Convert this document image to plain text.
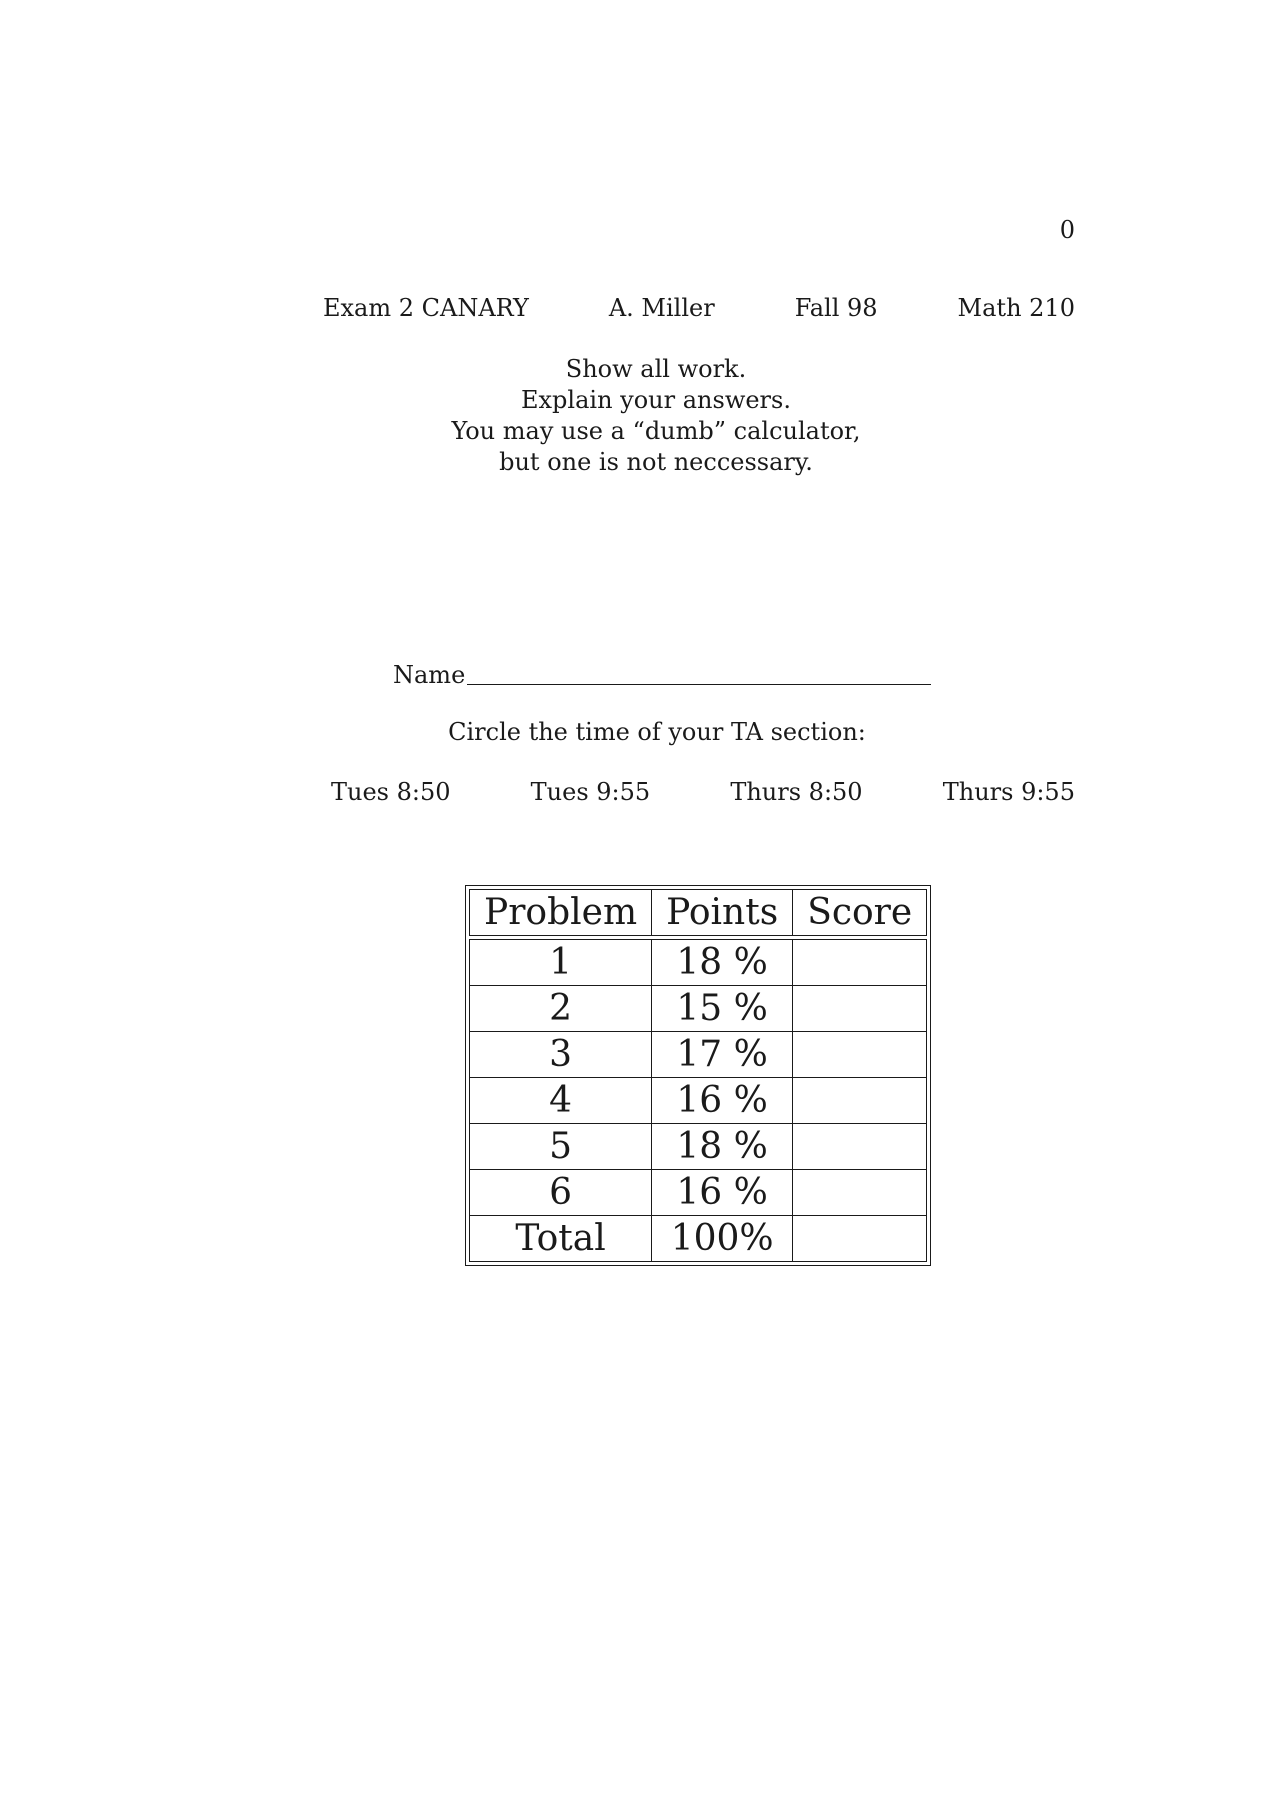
0
Exam 2 CANARY	A. Miller	Fall 98	Math 210
Show all work.
Explain your answers.
You may use a “dumb” calculator,
but one is not neccessary.
Name
Circle the time of your TA section:
Tues 8:50	Tues 9:55	Thurs 8:50	Thurs 9:55
Problem	Points	Score

1	18 %	
2	15 %	
3	17 %	
4	16 %	
5	18 %	
6	16 %	
Total	100%	
